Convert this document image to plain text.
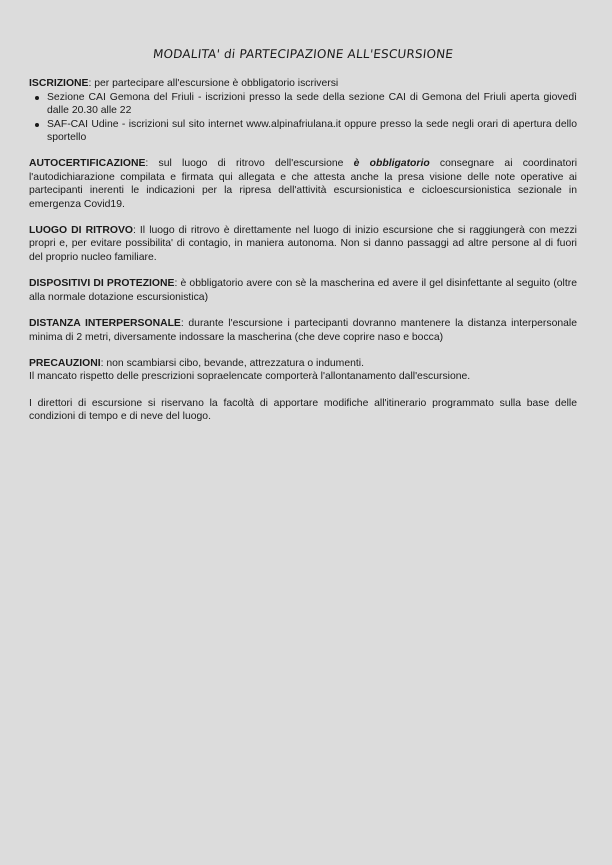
MODALITA' di PARTECIPAZIONE ALL'ESCURSIONE
ISCRIZIONE: per partecipare all'escursione è obbligatorio iscriversi
Sezione CAI Gemona del Friuli - iscrizioni presso la sede della sezione CAI di Gemona del Friuli aperta giovedì dalle 20.30 alle 22
SAF-CAI Udine - iscrizioni sul sito internet www.alpinafriulana.it oppure presso la sede negli orari di apertura dello sportello
AUTOCERTIFICAZIONE: sul luogo di ritrovo dell'escursione è obbligatorio consegnare ai coordinatori l'autodichiarazione compilata e firmata qui allegata e che attesta anche la presa visione delle note operative ai partecipanti inerenti le indicazioni per la ripresa dell'attività escursionistica e cicloescursionistica sezionale in emergenza Covid19.
LUOGO DI RITROVO: Il luogo di ritrovo è direttamente nel luogo di inizio escursione che si raggiungerà con mezzi propri e, per evitare possibilita' di contagio, in maniera autonoma. Non si danno passaggi ad altre persone al di fuori del proprio nucleo familiare.
DISPOSITIVI DI PROTEZIONE: è obbligatorio avere con sè la mascherina ed avere il gel disinfettante al seguito (oltre alla normale dotazione escursionistica)
DISTANZA INTERPERSONALE: durante l'escursione i partecipanti dovranno mantenere la distanza interpersonale minima di 2 metri, diversamente indossare la mascherina (che deve coprire naso e bocca)
PRECAUZIONI: non scambiarsi cibo, bevande, attrezzatura o indumenti.
Il mancato rispetto delle prescrizioni sopraelencate comporterà l'allontanamento dall'escursione.
I direttori di escursione si riservano la facoltà di apportare modifiche all'itinerario programmato sulla base delle condizioni di tempo e di neve del luogo.
